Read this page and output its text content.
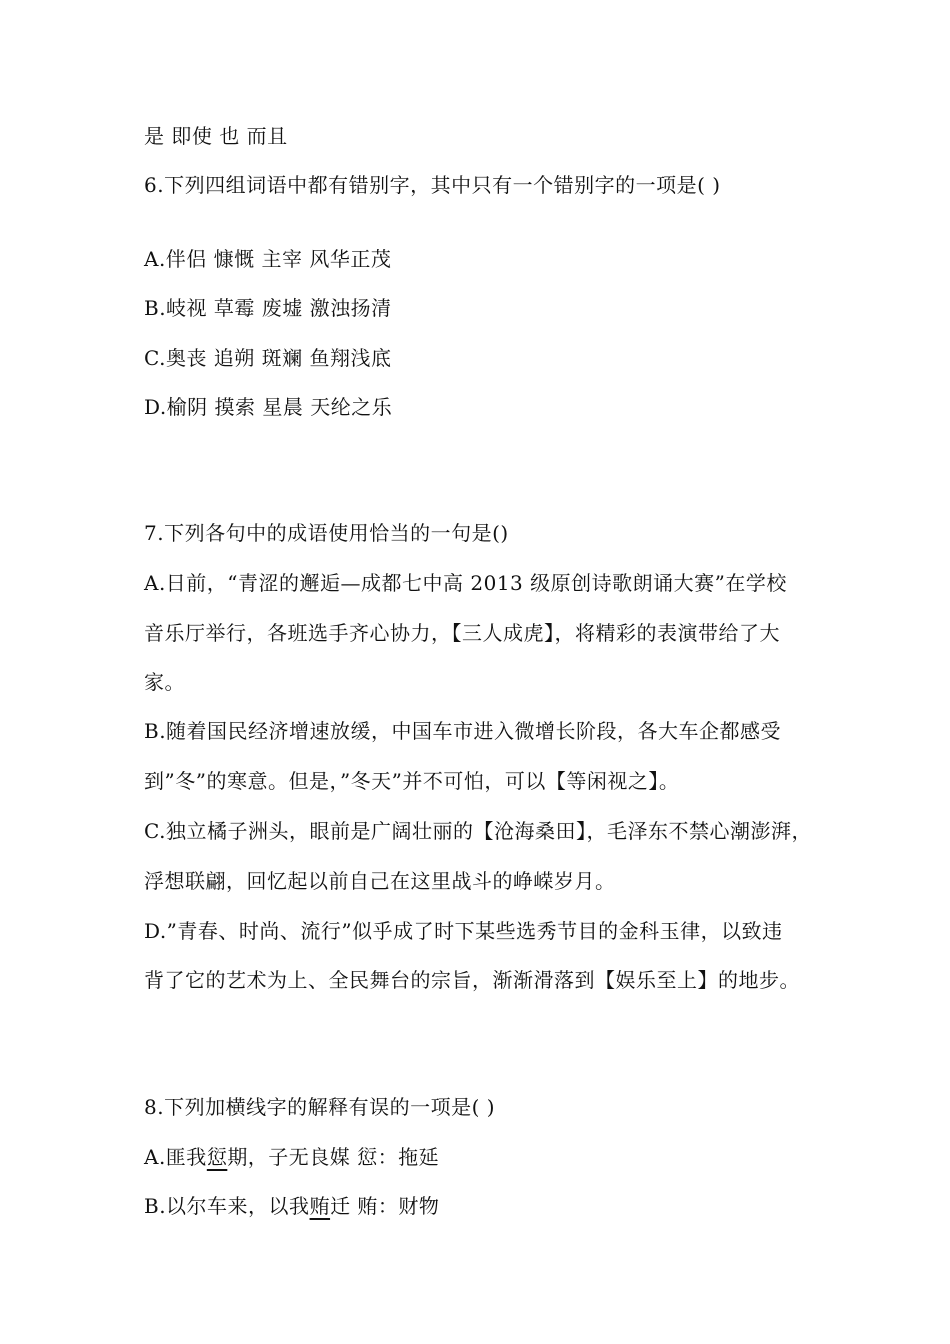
是 即使 也 而且
6.下列四组词语中都有错别字，其中只有一个错别字的一项是( )
A.伴侣 慷慨 主宰 风华正茂
B.岐视 草霉 废墟 激浊扬清
C.奥丧 追朔 斑斓 鱼翔浅底
D.榆阴 摸索 星晨 天纶之乐
7.下列各句中的成语使用恰当的一句是()
A.日前，“青涩的邂逅—成都七中高 2013 级原创诗歌朗诵大赛”在学校
音乐厅举行，各班选手齐心协力，【三人成虎】，将精彩的表演带给了大
家。
B.随着国民经济增速放缓，中国车市进入微增长阶段，各大车企都感受
到”冬”的寒意。但是，”冬天”并不可怕，可以【等闲视之】。
C.独立橘子洲头，眼前是广阔壮丽的【沧海桑田】，毛泽东不禁心潮澎湃，
浮想联翩，回忆起以前自己在这里战斗的峥嵘岁月。
D.”青春、时尚、流行”似乎成了时下某些选秀节目的金科玉律，以致违
背了它的艺术为上、全民舞台的宗旨，渐渐滑落到【娱乐至上】的地步。
8.下列加横线字的解释有误的一项是( )
A.匪我愆期，子无良媒 愆：拖延
B.以尔车来，以我贿迁 贿：财物
